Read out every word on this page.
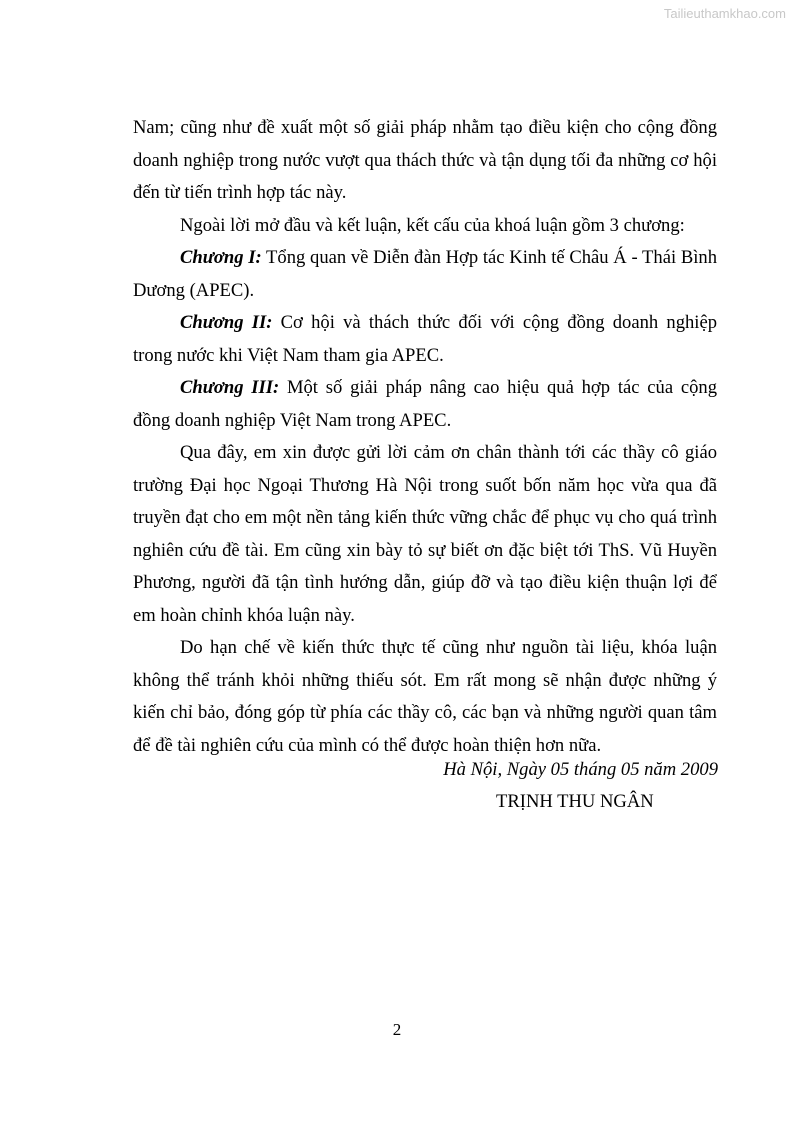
Tailieuthamkhao.com

Nam; cũng như đề xuất một số giải pháp nhằm tạo điều kiện cho cộng đồng doanh nghiệp trong nước vượt qua thách thức và tận dụng tối đa những cơ hội đến từ tiến trình hợp tác này.

Ngoài lời mở đầu và kết luận, kết cấu của khoá luận gồm 3 chương:

Chương I: Tổng quan về Diễn đàn Hợp tác Kinh tế Châu Á - Thái Bình Dương (APEC).

Chương II: Cơ hội và thách thức đối với cộng đồng doanh nghiệp trong nước khi Việt Nam tham gia APEC.

Chương III: Một số giải pháp nâng cao hiệu quả hợp tác của cộng đồng doanh nghiệp Việt Nam trong APEC.

Qua đây, em xin được gửi lời cảm ơn chân thành tới các thầy cô giáo trường Đại học Ngoại Thương Hà Nội trong suốt bốn năm học vừa qua đã truyền đạt cho em một nền tảng kiến thức vững chắc để phục vụ cho quá trình nghiên cứu đề tài. Em cũng xin bày tỏ sự biết ơn đặc biệt tới ThS. Vũ Huyền Phương, người đã tận tình hướng dẫn, giúp đỡ và tạo điều kiện thuận lợi để em hoàn chỉnh khóa luận này.

Do hạn chế về kiến thức thực tế cũng như nguồn tài liệu, khóa luận không thể tránh khỏi những thiếu sót. Em rất mong sẽ nhận được những ý kiến chỉ bảo, đóng góp từ phía các thầy cô, các bạn và những người quan tâm để đề tài nghiên cứu của mình có thể được hoàn thiện hơn nữa.

Hà Nội, Ngày 05 tháng 05 năm 2009
TRỊNH THU NGÂN
2
